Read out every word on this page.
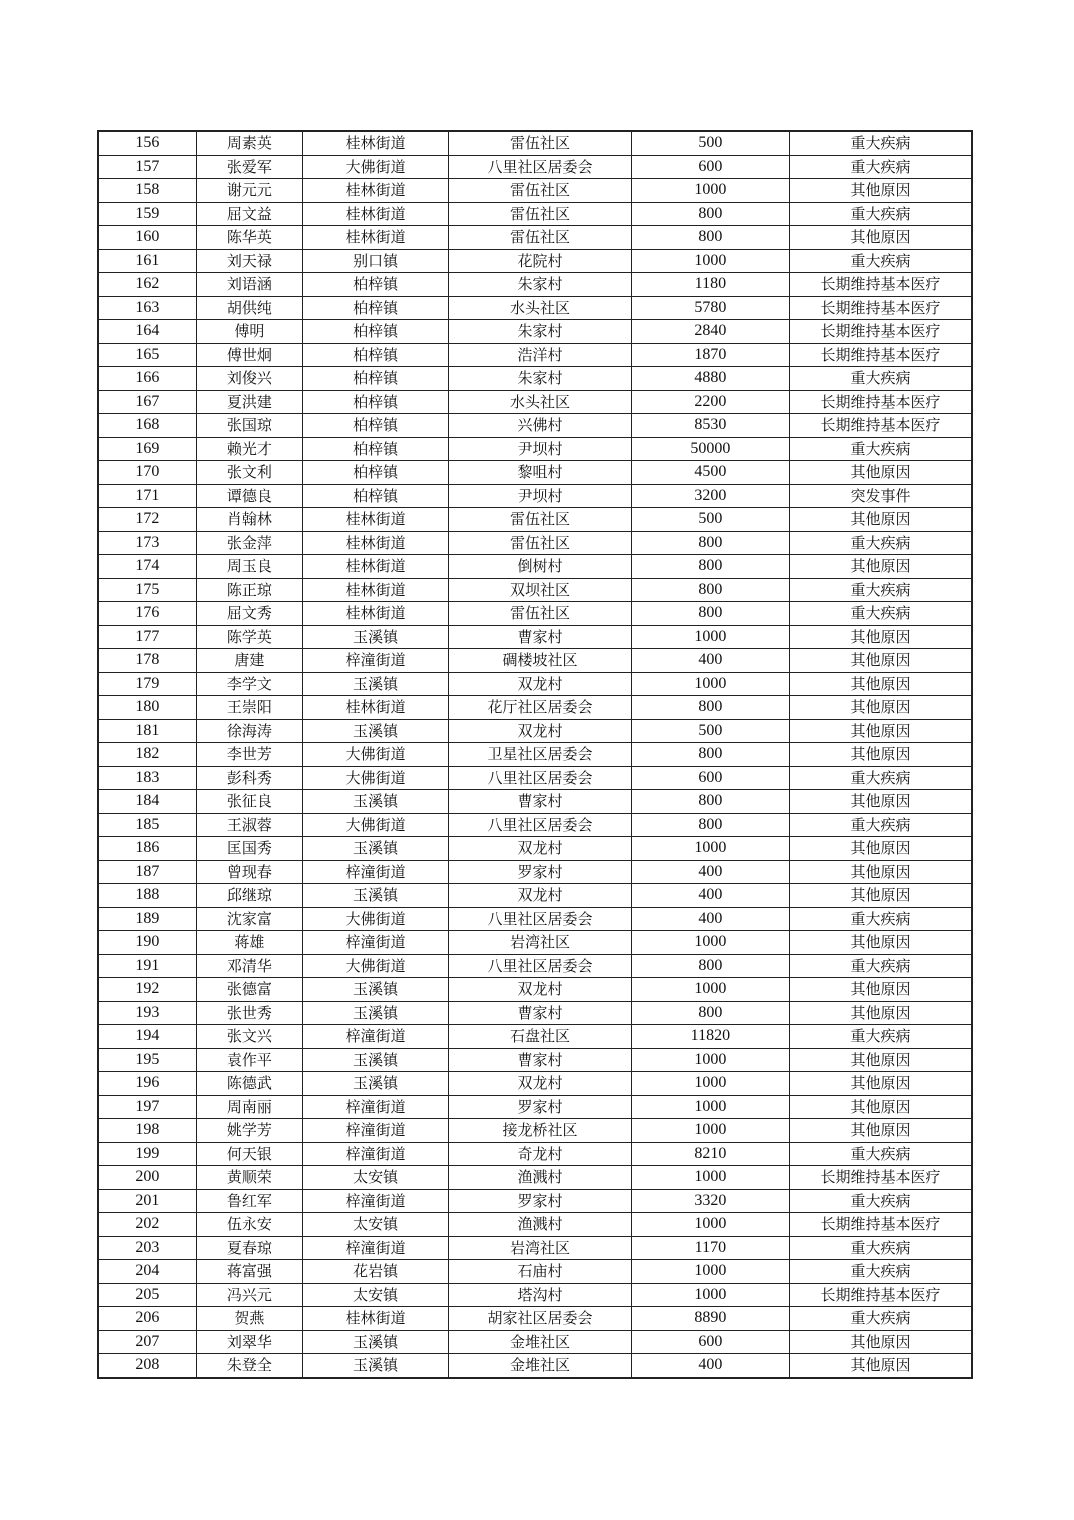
156	周素英	桂林街道	雷伍社区	500	重大疾病
157	张爱军	大佛街道	八里社区居委会	600	重大疾病
158	谢元元	桂林街道	雷伍社区	1000	其他原因
159	屈文益	桂林街道	雷伍社区	800	重大疾病
160	陈华英	桂林街道	雷伍社区	800	其他原因
161	刘天禄	别口镇	花院村	1000	重大疾病
162	刘语涵	柏梓镇	朱家村	1180	长期维持基本医疗
163	胡供纯	柏梓镇	水头社区	5780	长期维持基本医疗
164	傅明	柏梓镇	朱家村	2840	长期维持基本医疗
165	傅世炯	柏梓镇	浩洋村	1870	长期维持基本医疗
166	刘俊兴	柏梓镇	朱家村	4880	重大疾病
167	夏洪建	柏梓镇	水头社区	2200	长期维持基本医疗
168	张国琼	柏梓镇	兴佛村	8530	长期维持基本医疗
169	赖光才	柏梓镇	尹坝村	50000	重大疾病
170	张文利	柏梓镇	黎咀村	4500	其他原因
171	谭德良	柏梓镇	尹坝村	3200	突发事件
172	肖翰林	桂林街道	雷伍社区	500	其他原因
173	张金萍	桂林街道	雷伍社区	800	重大疾病
174	周玉良	桂林街道	倒树村	800	其他原因
175	陈正琼	桂林街道	双坝社区	800	重大疾病
176	屈文秀	桂林街道	雷伍社区	800	重大疾病
177	陈学英	玉溪镇	曹家村	1000	其他原因
178	唐建	梓潼街道	碉楼坡社区	400	其他原因
179	李学文	玉溪镇	双龙村	1000	其他原因
180	王崇阳	桂林街道	花厅社区居委会	800	其他原因
181	徐海涛	玉溪镇	双龙村	500	其他原因
182	李世芳	大佛街道	卫星社区居委会	800	其他原因
183	彭科秀	大佛街道	八里社区居委会	600	重大疾病
184	张征良	玉溪镇	曹家村	800	其他原因
185	王淑蓉	大佛街道	八里社区居委会	800	重大疾病
186	匡国秀	玉溪镇	双龙村	1000	其他原因
187	曾现春	梓潼街道	罗家村	400	其他原因
188	邱继琼	玉溪镇	双龙村	400	其他原因
189	沈家富	大佛街道	八里社区居委会	400	重大疾病
190	蒋雄	梓潼街道	岩湾社区	1000	其他原因
191	邓清华	大佛街道	八里社区居委会	800	重大疾病
192	张德富	玉溪镇	双龙村	1000	其他原因
193	张世秀	玉溪镇	曹家村	800	其他原因
194	张文兴	梓潼街道	石盘社区	11820	重大疾病
195	袁作平	玉溪镇	曹家村	1000	其他原因
196	陈德武	玉溪镇	双龙村	1000	其他原因
197	周南丽	梓潼街道	罗家村	1000	其他原因
198	姚学芳	梓潼街道	接龙桥社区	1000	其他原因
199	何天银	梓潼街道	奇龙村	8210	重大疾病
200	黄顺荣	太安镇	渔溅村	1000	长期维持基本医疗
201	鲁红军	梓潼街道	罗家村	3320	重大疾病
202	伍永安	太安镇	渔溅村	1000	长期维持基本医疗
203	夏春琼	梓潼街道	岩湾社区	1170	重大疾病
204	蒋富强	花岩镇	石庙村	1000	重大疾病
205	冯兴元	太安镇	塔沟村	1000	长期维持基本医疗
206	贺燕	桂林街道	胡家社区居委会	8890	重大疾病
207	刘翠华	玉溪镇	金堆社区	600	其他原因
208	朱登全	玉溪镇	金堆社区	400	其他原因
